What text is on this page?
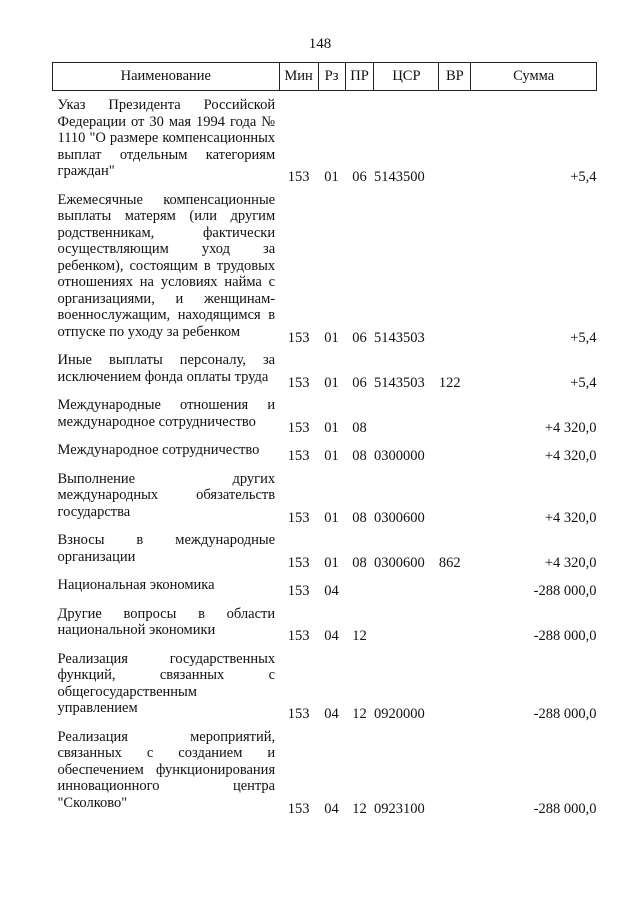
148
Наименование	Мин	Рз	ПР	ЦСР	ВР	Сумма
Указ Президента Российской Федерации от 30 мая 1994 года № 1110 "О размере компенсационных выплат отдельным категориям граждан"	153	01	06	5143500		+5,4
Ежемесячные компенсационные выплаты матерям (или другим родственникам, фактически осуществляющим уход за ребенком), состоящим в трудовых отношениях на условиях найма с организациями, и женщинам-военнослужащим, находящимся в отпуске по уходу за ребенком	153	01	06	5143503		+5,4
Иные выплаты персоналу, за исключением фонда оплаты труда	153	01	06	5143503	122	+5,4
Международные отношения и международное сотрудничество	153	01	08			+4 320,0
Международное сотрудничество	153	01	08	0300000		+4 320,0
Выполнение других международных обязательств государства	153	01	08	0300600		+4 320,0
Взносы в международные организации	153	01	08	0300600	862	+4 320,0
Национальная экономика	153	04				-288 000,0
Другие вопросы в области национальной экономики	153	04	12			-288 000,0
Реализация государственных функций, связанных с общегосударственным управлением	153	04	12	0920000		-288 000,0
Реализация мероприятий, связанных с созданием и обеспечением функционирования инновационного центра "Сколково"	153	04	12	0923100		-288 000,0
